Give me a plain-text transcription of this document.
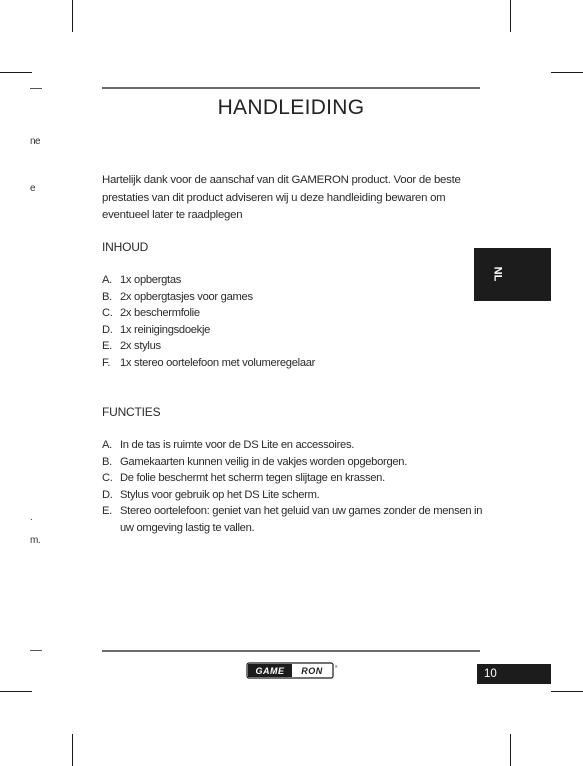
ne
e
.
m.
HANDLEIDING
Hartelijk dank voor de aanschaf van dit GAMERON product. Voor de beste prestaties van dit product adviseren wij u deze handleiding bewaren om eventueel later te raadplegen
INHOUD
A. 1x opbergtas
B. 2x opbergtasjes voor games
C. 2x beschermfolie
D. 1x reinigingsdoekje
E. 2x stylus
F. 1x stereo oortelefoon met volumeregelaar
FUNCTIES
A. In de tas is ruimte voor de DS Lite en accessoires.
B. Gamekaarten kunnen veilig in de vakjes worden opgeborgen.
C. De folie beschermt het scherm tegen slijtage en krassen.
D. Stylus voor gebruik op het DS Lite scherm.
E. Stereo oortelefoon: geniet van het geluid van uw games zonder de mensen in uw omgeving lastig te vallen.
NL
GAME RON	®
10
